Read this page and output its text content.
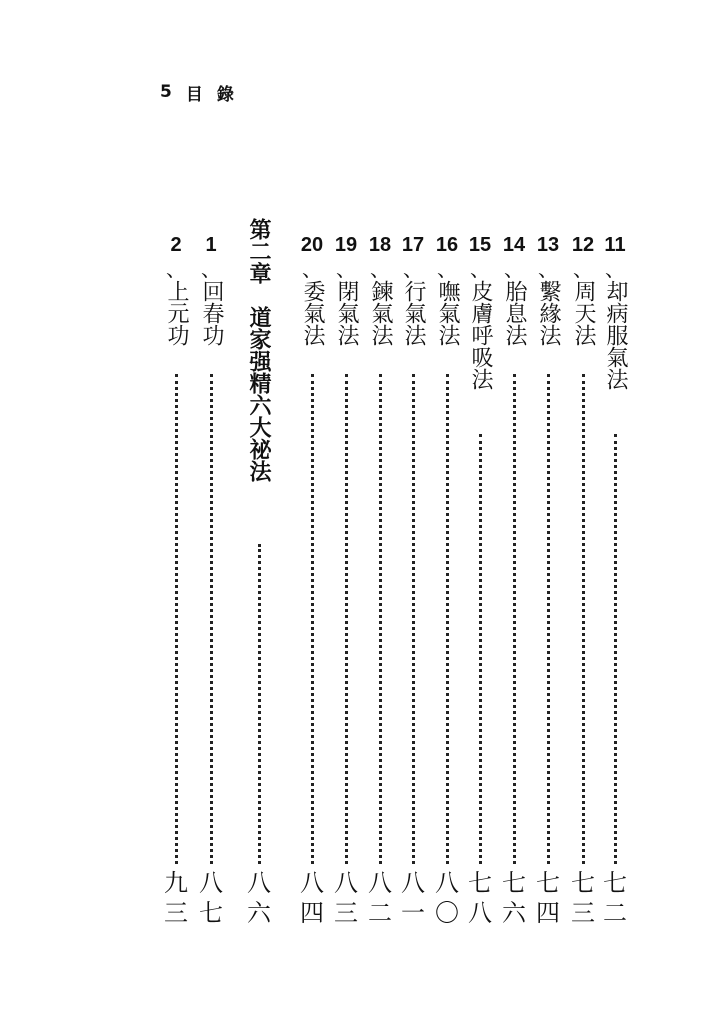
5 目錄
11
、
却病服氣法
七
二
12
、
周天法
七
三
13
、
繫緣法
七
四
14
、
胎息法
七
六
15
、
皮膚呼吸法
七
八
16
、
嘸氣法
八
〇
17
、
行氣法
八
一
18
、
鍊氣法
八
二
19
、
閉氣法
八
三
20
、
委氣法
八
四
第二章
道家强精六大祕法
八
六
1
、
回春功
八
七
2
、
上元功
九
三
